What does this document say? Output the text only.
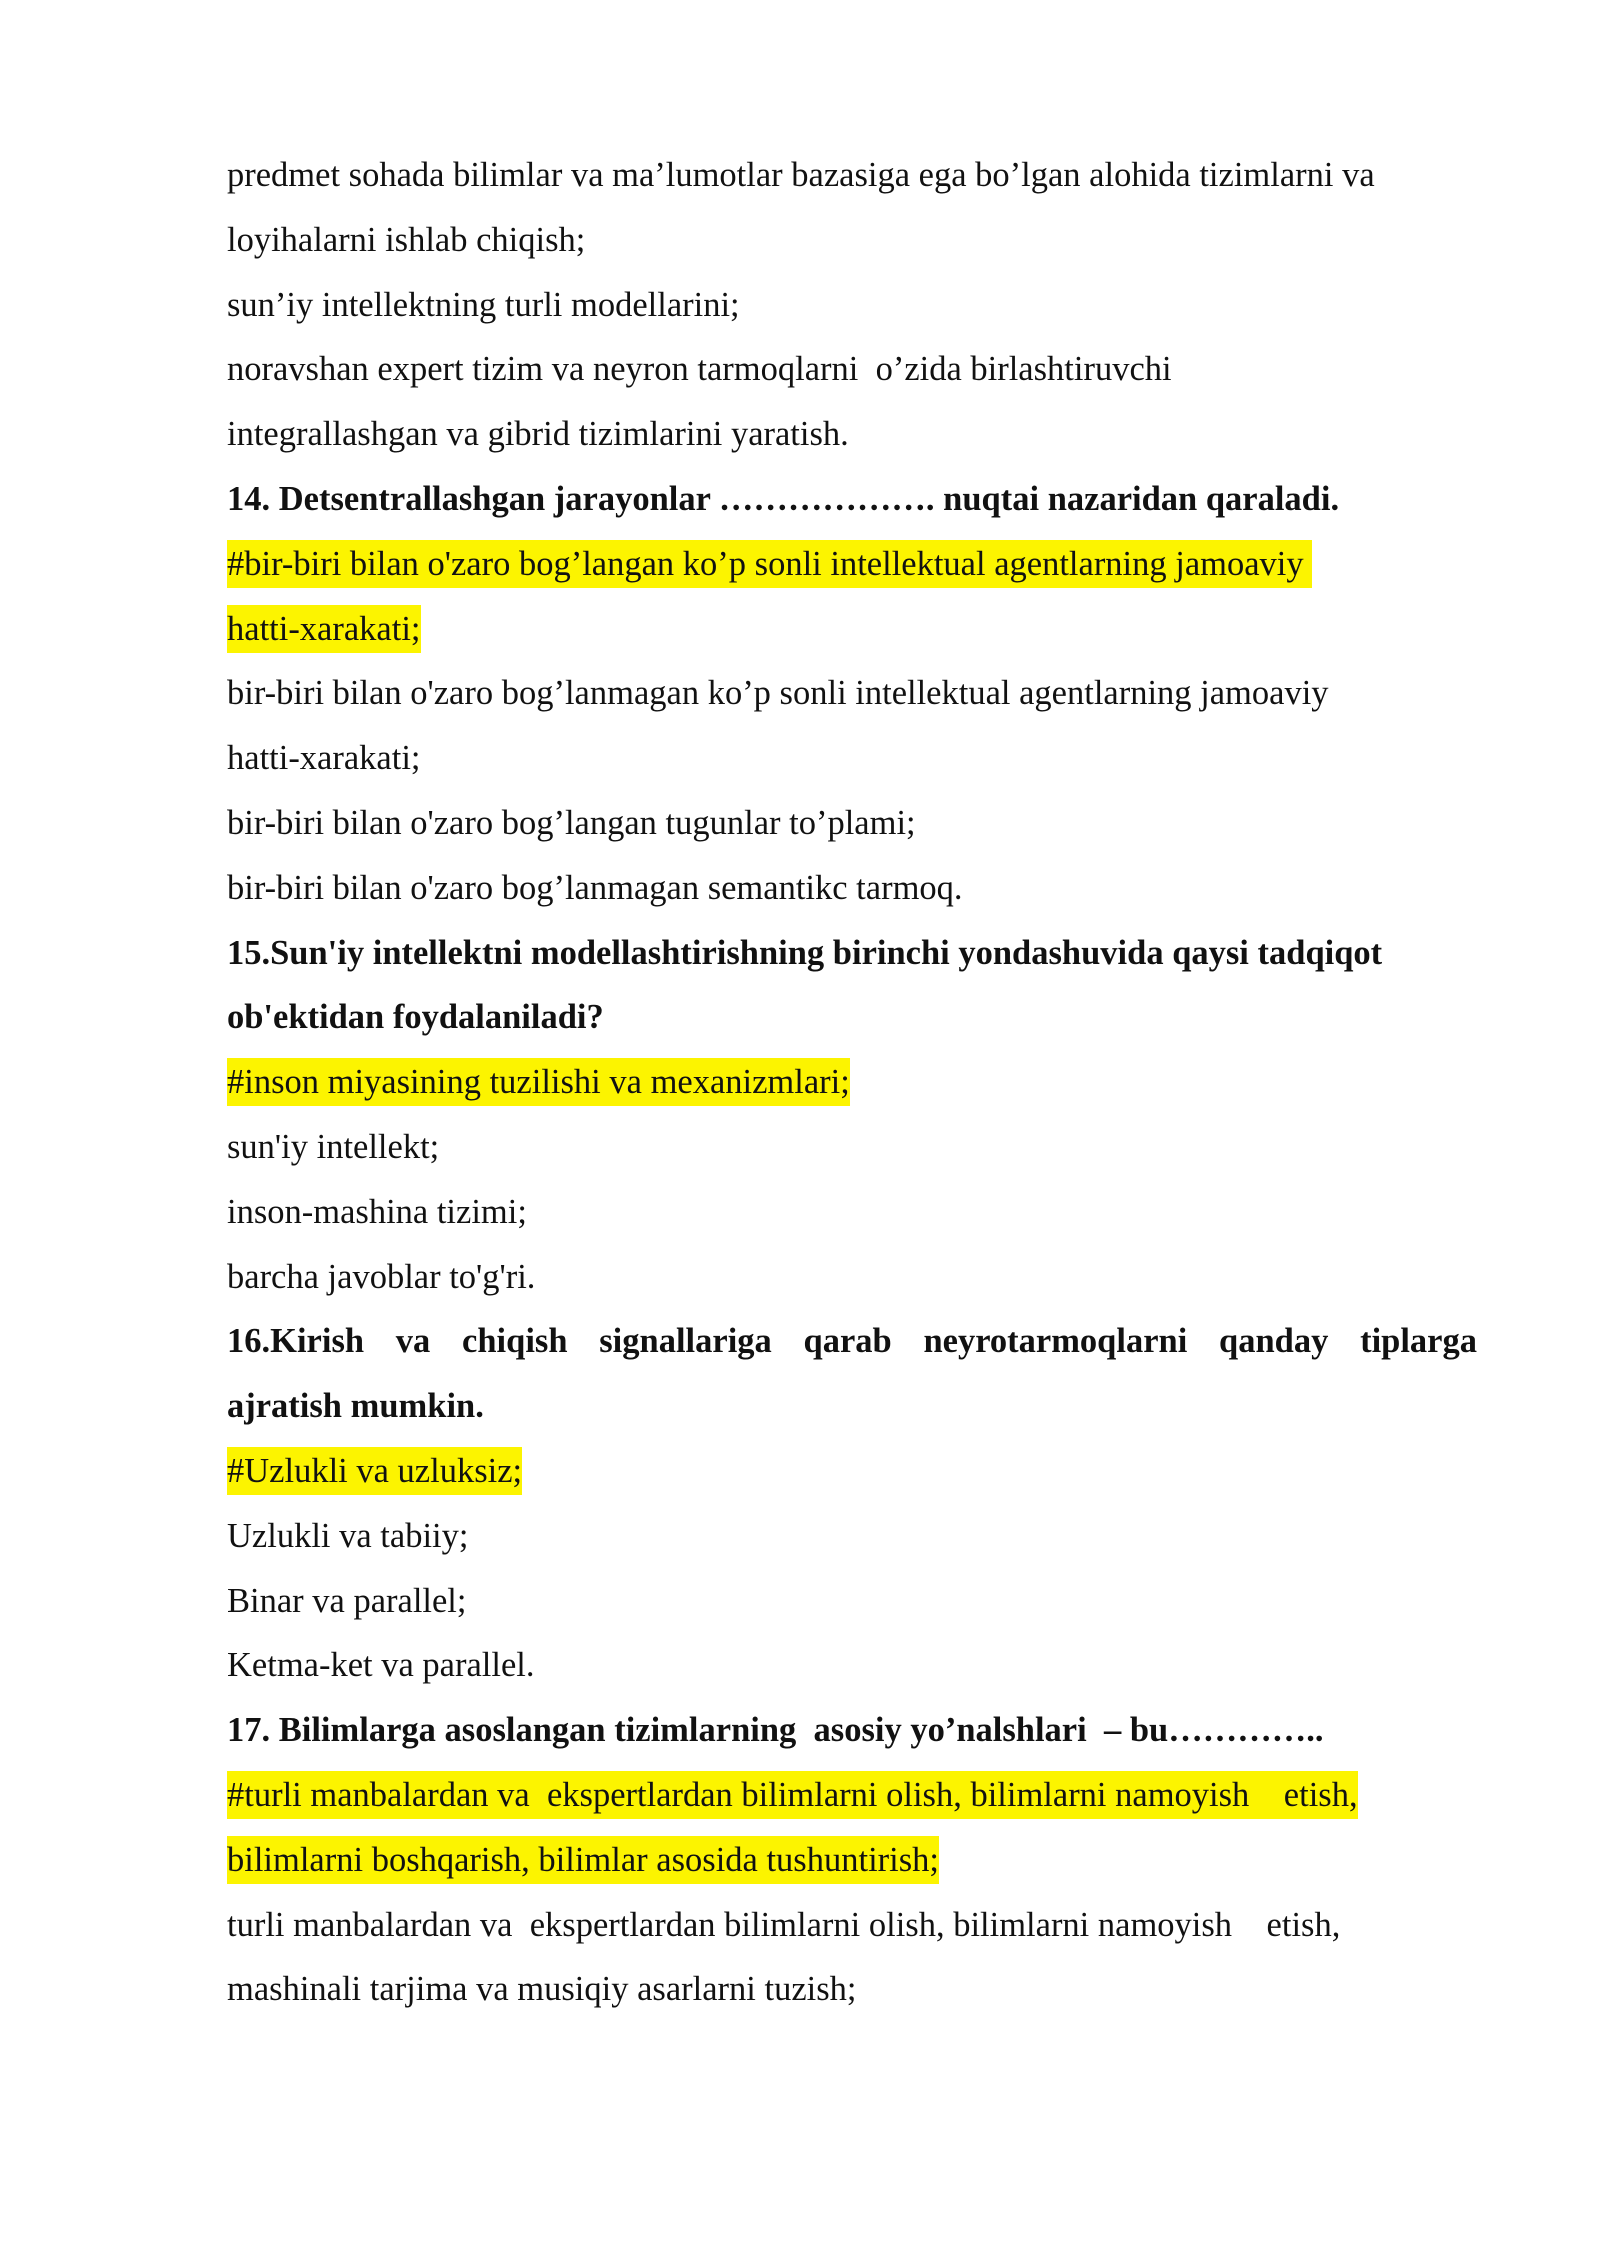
predmet sohada bilimlar va ma’lumotlar bazasiga ega bo’lgan alohida tizimlarni va
loyihalarni ishlab chiqish;
sun’iy intellektning turli modellarini;
noravshan expert tizim va neyron tarmoqlarni  o’zida birlashtiruvchi
integrallashgan va gibrid tizimlarini yaratish.
14. Detsentrallashgan jarayonlar ………………. nuqtai nazaridan qaraladi.
#bir-biri bilan o'zaro bog’langan ko’p sonli intellektual agentlarning jamoaviy
hatti-xarakati;
bir-biri bilan o'zaro bog’lanmagan ko’p sonli intellektual agentlarning jamoaviy
hatti-xarakati;
bir-biri bilan o'zaro bog’langan tugunlar to’plami;
bir-biri bilan o'zaro bog’lanmagan semantikc tarmoq.
15.Sun'iy intellektni modellashtirishning birinchi yondashuvida qaysi tadqiqot
ob'ektidan foydalaniladi?
#inson miyasining tuzilishi va mexanizmlari;
sun'iy intellekt;
inson-mashina tizimi;
barcha javoblar to'g'ri.
16.Kirish va chiqish signallariga qarab neyrotarmoqlarni qanday tiplarga
ajratish mumkin.
#Uzlukli va uzluksiz;
Uzlukli va tabiiy;
Binar va parallel;
Ketma-ket va parallel.
17. Bilimlarga asoslangan tizimlarning  asosiy yo’nalshlari  – bu…………..
#turli manbalardan va  ekspertlardan bilimlarni olish, bilimlarni namoyish    etish,
bilimlarni boshqarish, bilimlar asosida tushuntirish;
turli manbalardan va  ekspertlardan bilimlarni olish, bilimlarni namoyish    etish,
mashinali tarjima va musiqiy asarlarni tuzish;
